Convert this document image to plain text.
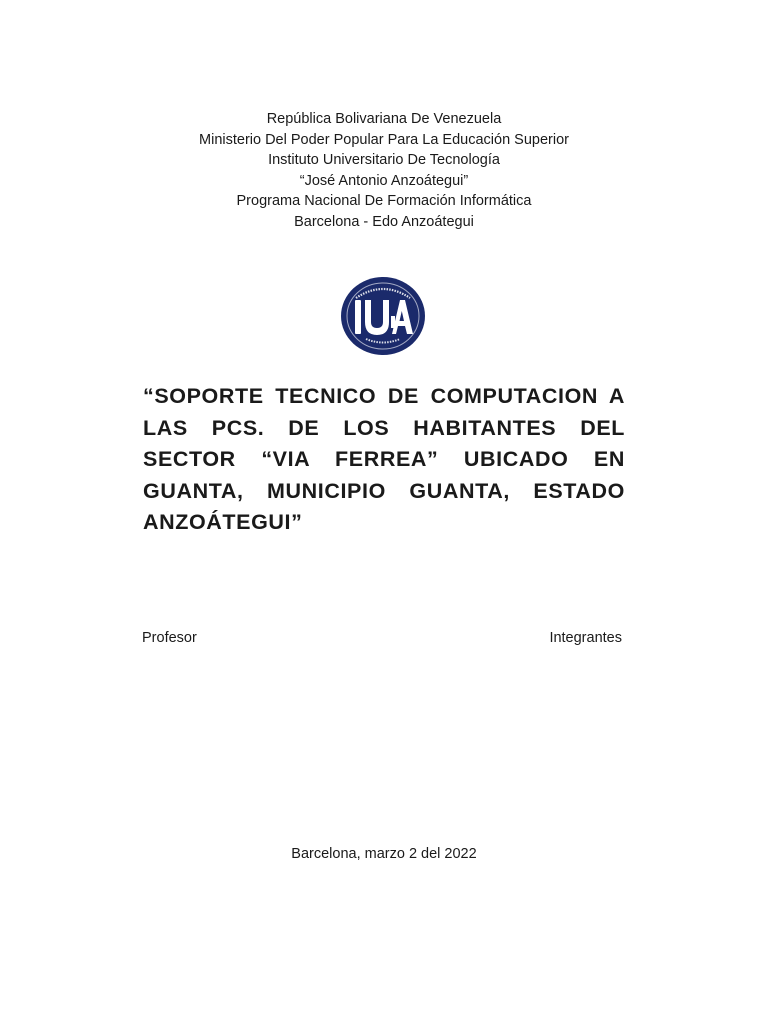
República Bolivariana De Venezuela
Ministerio Del Poder Popular Para La Educación Superior
Instituto Universitario De Tecnología
“José Antonio Anzoátegui”
Programa Nacional De Formación Informática
Barcelona - Edo Anzoátegui
“SOPORTE TECNICO DE COMPUTACION A LAS PCS. DE LOS HABITANTES DEL SECTOR “VIA FERREA” UBICADO EN GUANTA, MUNICIPIO GUANTA, ESTADO ANZOÁTEGUI”
Profesor	Integrantes
Barcelona, marzo 2 del 2022
